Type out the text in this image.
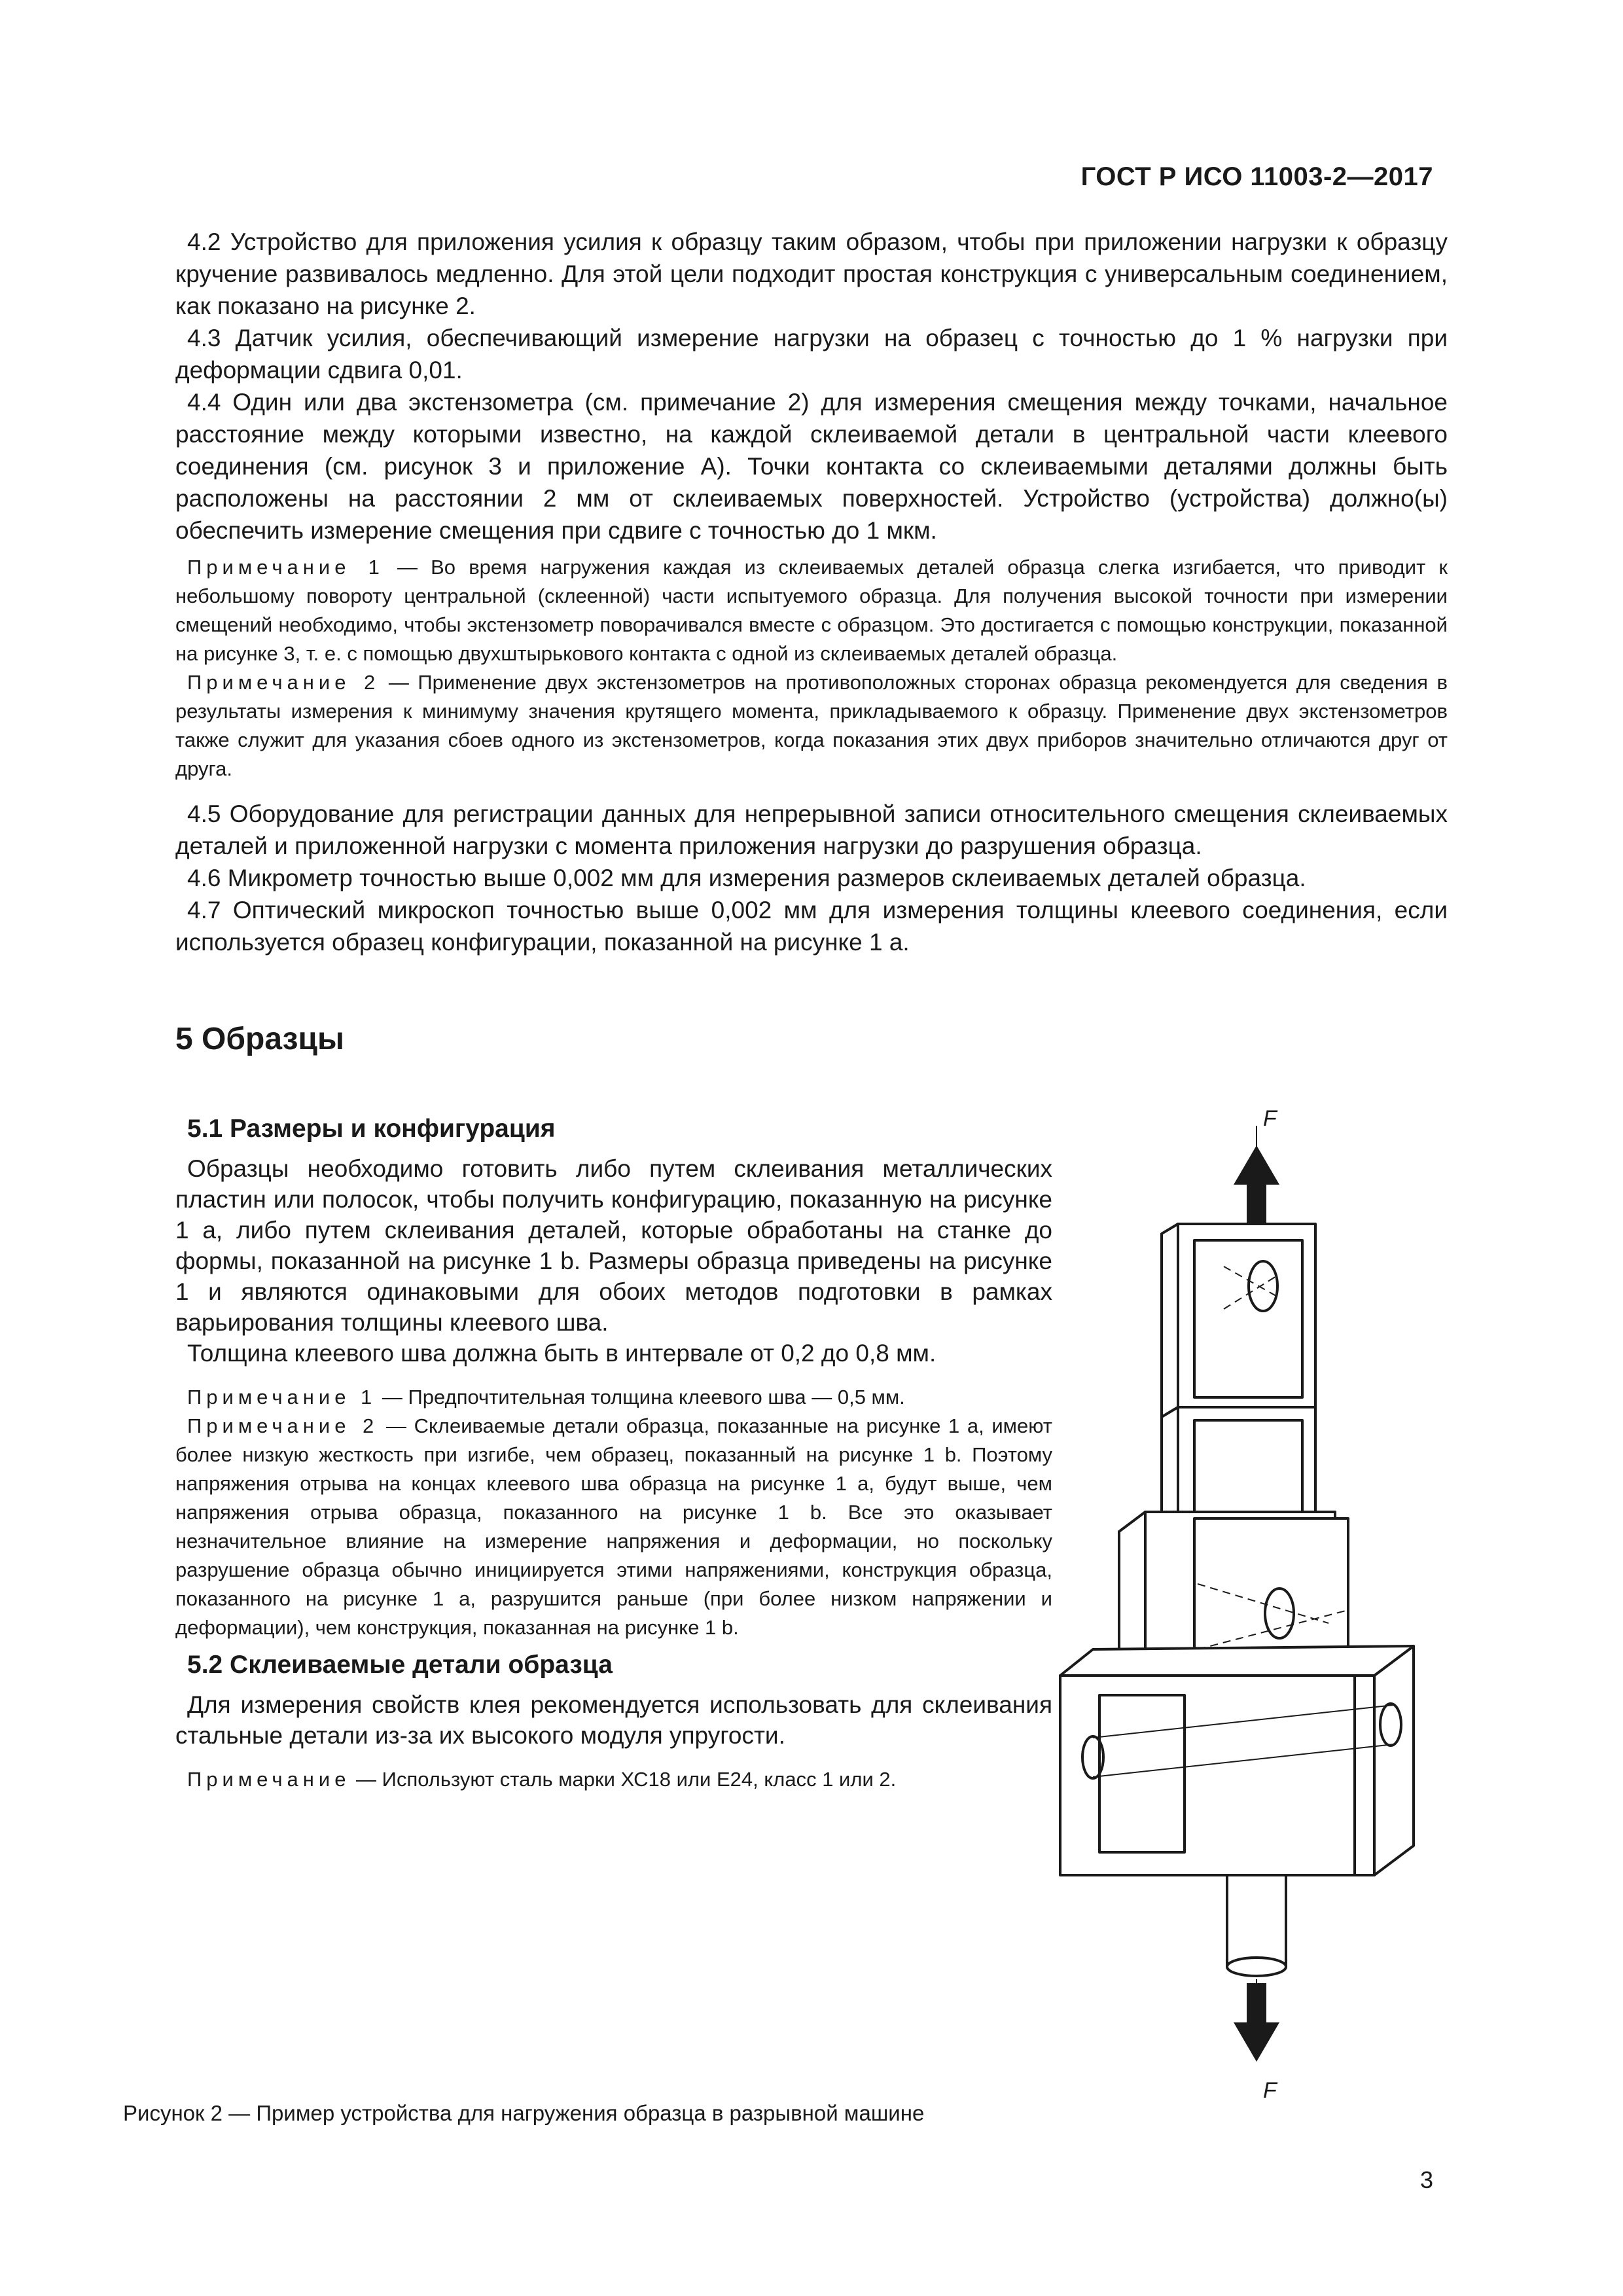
ГОСТ Р ИСО 11003-2—2017

4.2 Устройство для приложения усилия к образцу таким образом, чтобы при приложении нагрузки к образцу кручение развивалось медленно. Для этой цели подходит простая конструкция с универсальным соединением, как показано на рисунке 2.

4.3 Датчик усилия, обеспечивающий измерение нагрузки на образец с точностью до 1 % нагрузки при деформации сдвига 0,01.

4.4 Один или два экстензометра (см. примечание 2) для измерения смещения между точками, начальное расстояние между которыми известно, на каждой склеиваемой детали в центральной части клеевого соединения (см. рисунок 3 и приложение А). Точки контакта со склеиваемыми деталями должны быть расположены на расстоянии 2 мм от склеиваемых поверхностей. Устройство (устройства) должно(ы) обеспечить измерение смещения при сдвиге с точностью до 1 мкм.

Примечание 1 — Во время нагружения каждая из склеиваемых деталей образца слегка изгибается, что приводит к небольшому повороту центральной (склеенной) части испытуемого образца. Для получения высокой точности при измерении смещений необходимо, чтобы экстензометр поворачивался вместе с образцом. Это достигается с помощью конструкции, показанной на рисунке 3, т. е. с помощью двухштырькового контакта с одной из склеиваемых деталей образца.

Примечание 2 — Применение двух экстензометров на противоположных сторонах образца рекомендуется для сведения в результаты измерения к минимуму значения крутящего момента, прикладываемого к образцу. Применение двух экстензометров также служит для указания сбоев одного из экстензометров, когда показания этих двух приборов значительно отличаются друг от друга.

4.5 Оборудование для регистрации данных для непрерывной записи относительного смещения склеиваемых деталей и приложенной нагрузки с момента приложения нагрузки до разрушения образца.

4.6 Микрометр точностью выше 0,002 мм для измерения размеров склеиваемых деталей образца.

4.7 Оптический микроскоп точностью выше 0,002 мм для измерения толщины клеевого соединения, если используется образец конфигурации, показанной на рисунке 1 а.

5 Образцы

5.1 Размеры и конфигурация

Образцы необходимо готовить либо путем склеивания металлических пластин или полосок, чтобы получить конфигурацию, показанную на рисунке 1 а, либо путем склеивания деталей, которые обработаны на станке до формы, показанной на рисунке 1 b. Размеры образца приведены на рисунке 1 и являются одинаковыми для обоих методов подготовки в рамках варьирования толщины клеевого шва.

Толщина клеевого шва должна быть в интервале от 0,2 до 0,8 мм.

Примечание 1 — Предпочтительная толщина клеевого шва — 0,5 мм.

Примечание 2 — Склеиваемые детали образца, показанные на рисунке 1 а, имеют более низкую жесткость при изгибе, чем образец, показанный на рисунке 1 b. Поэтому напряжения отрыва на концах клеевого шва образца на рисунке 1 а, будут выше, чем напряжения отрыва образца, показанного на рисунке 1 b. Все это оказывает незначительное влияние на измерение напряжения и деформации, но поскольку разрушение образца обычно инициируется этими напряжениями, конструкция образца, показанного на рисунке 1 а, разрушится раньше (при более низком напряжении и деформации), чем конструкция, показанная на рисунке 1 b.

5.2 Склеиваемые детали образца

Для измерения свойств клея рекомендуется использовать для склеивания стальные детали из-за их высокого модуля упругости.

Примечание — Используют сталь марки ХС18 или Е24, класс 1 или 2.

F
F
Рисунок 2 — Пример устройства для нагружения образца в разрывной машине
3
